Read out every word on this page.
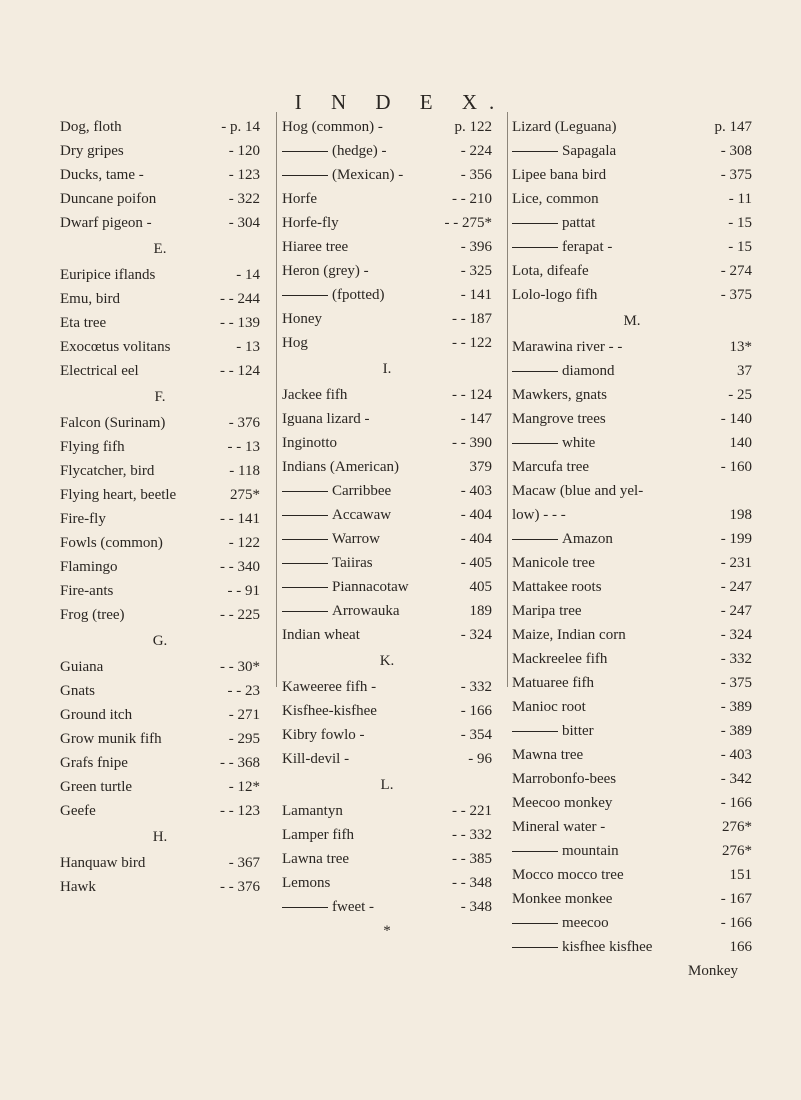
I N D E X.
Dog, floth	- p. 14
Dry gripes	- 120
Ducks, tame -	- 123
Duncane poifon	- 322
Dwarf pigeon -	- 304
E.
Euripice iflands	- 14
Emu, bird	- - 244
Eta tree	- - 139
Exocœtus volitans	- 13
Electrical eel	- - 124
F.
Falcon (Surinam)	- 376
Flying fifh	- - 13
Flycatcher, bird	- 118
Flying heart, beetle	275*
Fire-fly	- - 141
Fowls (common)	- 122
Flamingo	- - 340
Fire-ants	- - 91
Frog (tree)	- - 225
G.
Guiana	- - 30*
Gnats	- - 23
Ground itch	- 271
Grow munik fifh	- 295
Grafs fnipe	- - 368
Green turtle	- 12*
Geefe	- - 123
H.
Hanquaw bird	- 367
Hawk	- - 376
Hog (common) -	p. 122
(hedge) -	- 224
(Mexican) -	- 356
Horfe	- - 210
Horfe-fly	- - 275*
Hiaree tree	- 396
Heron (grey) -	- 325
(fpotted)	- 141
Honey	- - 187
Hog	- - 122
I.
Jackee fifh	- - 124
Iguana lizard -	- 147
Inginotto	- - 390
Indians (American)	379
Carribbee	- 403
Accawaw	- 404
Warrow	- 404
Taiiras	- 405
Piannacotaw	405
Arrowauka	189
Indian wheat	- 324
K.
Kaweeree fifh -	- 332
Kisfhee-kisfhee	- 166
Kibry fowlo -	- 354
Kill-devil -	- 96
L.
Lamantyn	- - 221
Lamper fifh	- - 332
Lawna tree	- - 385
Lemons	- - 348
fweet -	- 348
*
Lizard (Leguana)	p. 147
Sapagala	- 308
Lipee bana bird	- 375
Lice, common	- 11
pattat	- 15
ferapat -	- 15
Lota, difeafe	- 274
Lolo-logo fifh	- 375
M.
Marawina river - -	13*
diamond	37
Mawkers, gnats	- 25
Mangrove trees	- 140
white	140
Marcufa tree	- 160
Macaw (blue and yel-
low) - - -	198
Amazon	- 199
Manicole tree	- 231
Mattakee roots	- 247
Maripa tree	- 247
Maize, Indian corn	- 324
Mackreelee fifh	- 332
Matuaree fifh	- 375
Manioc root	- 389
bitter	- 389
Mawna tree	- 403
Marrobonfo-bees	- 342
Meecoo monkey	- 166
Mineral water -	276*
mountain	276*
Mocco mocco tree	151
Monkee monkee	- 167
meecoo	- 166
kisfhee kisfhee	166
Monkey
